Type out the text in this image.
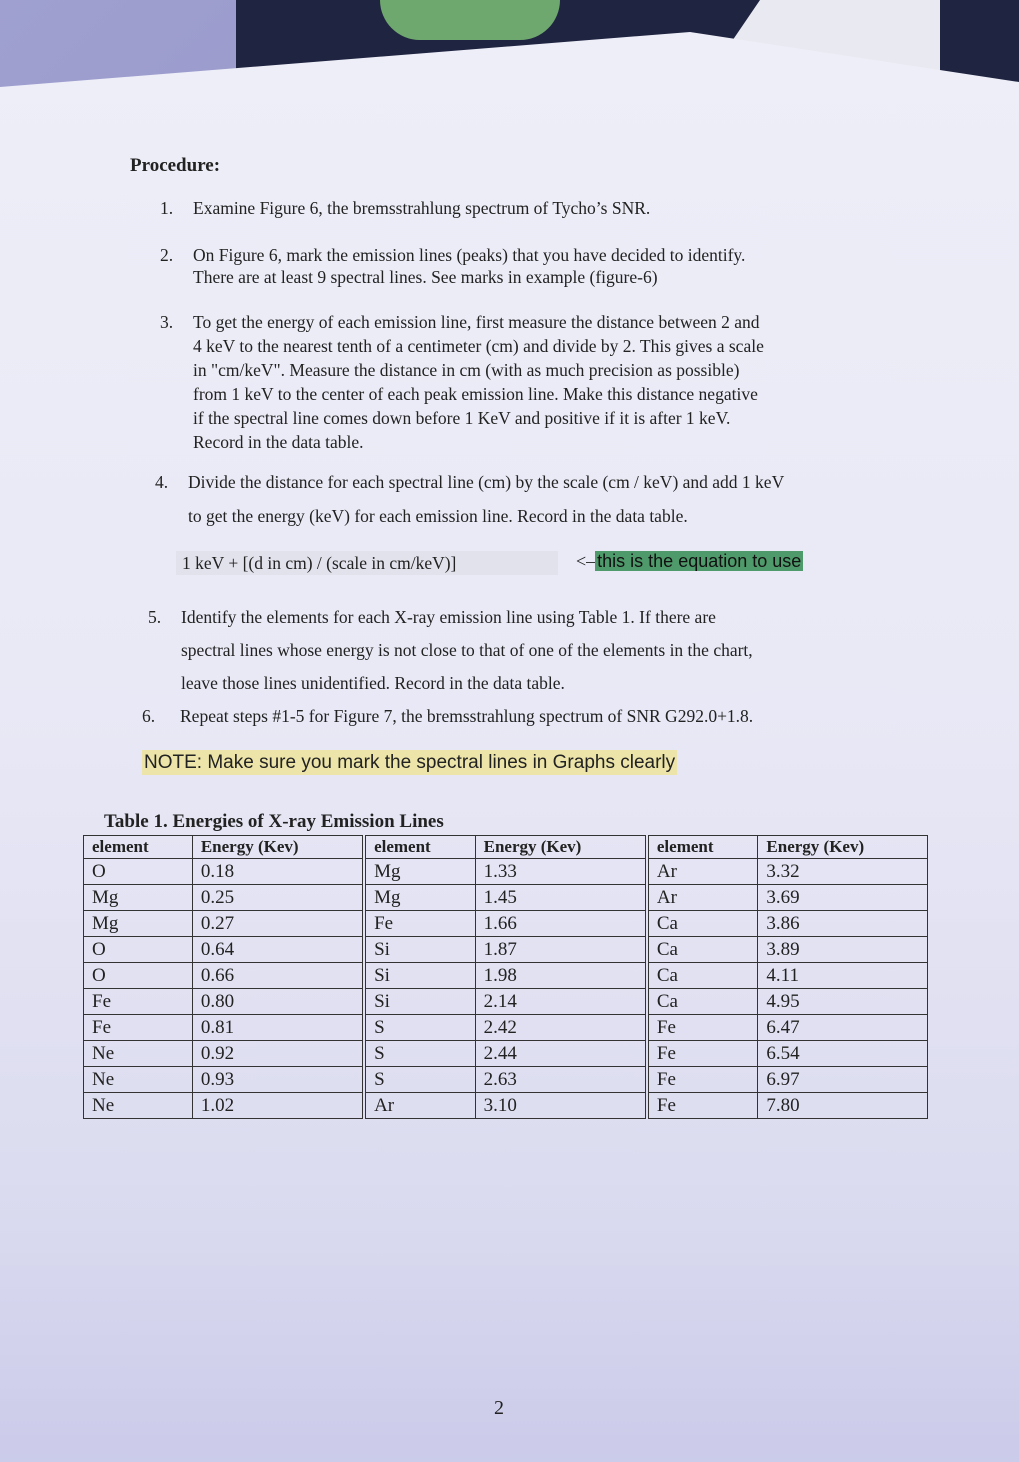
Procedure:
1. Examine Figure 6, the bremsstrahlung spectrum of Tycho’s SNR.
2. On Figure 6, mark the emission lines (peaks) that you have decided to identify.
There are at least 9 spectral lines. See marks in example (figure-6)
3. To get the energy of each emission line, first measure the distance between 2 and
4 keV to the nearest tenth of a centimeter (cm) and divide by 2. This gives a scale
in "cm/keV". Measure the distance in cm (with as much precision as possible)
from 1 keV to the center of each peak emission line. Make this distance negative
if the spectral line comes down before 1 KeV and positive if it is after 1 keV.
Record in the data table.
4. Divide the distance for each spectral line (cm) by the scale (cm / keV) and add 1 keV
to get the energy (keV) for each emission line. Record in the data table.
1 keV + [(d in cm) / (scale in cm/keV)]	<– this is the equation to use
5. Identify the elements for each X-ray emission line using Table 1. If there are
spectral lines whose energy is not close to that of one of the elements in the chart,
leave those lines unidentified. Record in the data table.
6. Repeat steps #1-5 for Figure 7, the bremsstrahlung spectrum of SNR G292.0+1.8.
NOTE: Make sure you mark the spectral lines in Graphs clearly
Table 1. Energies of X-ray Emission Lines
element	Energy (Kev)	element	Energy (Kev)	element	Energy (Kev)
O	0.18	Mg	1.33	Ar	3.32
Mg	0.25	Mg	1.45	Ar	3.69
Mg	0.27	Fe	1.66	Ca	3.86
O	0.64	Si	1.87	Ca	3.89
O	0.66	Si	1.98	Ca	4.11
Fe	0.80	Si	2.14	Ca	4.95
Fe	0.81	S	2.42	Fe	6.47
Ne	0.92	S	2.44	Fe	6.54
Ne	0.93	S	2.63	Fe	6.97
Ne	1.02	Ar	3.10	Fe	7.80
2
